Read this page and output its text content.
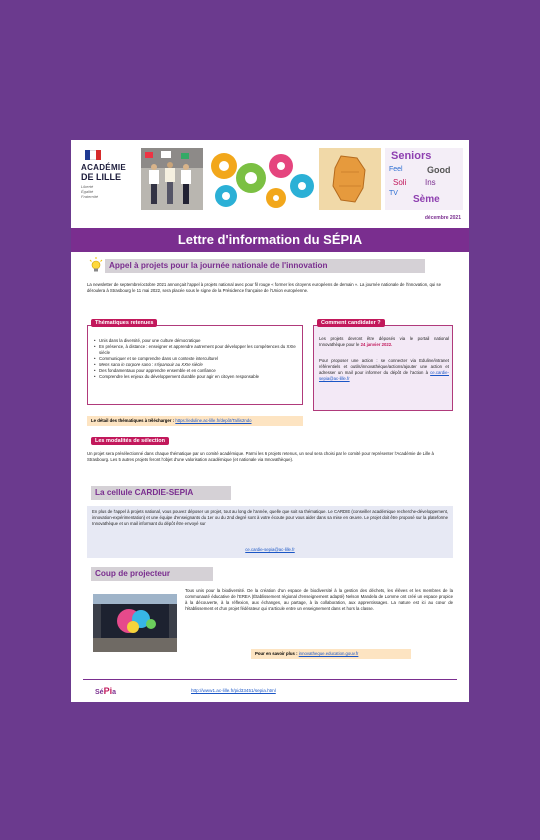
ACADÉMIE
DE LILLE
Liberté
Égalité
Fraternité
Seniors
Feel	Good
Soli Ins
TV
Sème
décembre 2021
Lettre d'information du SÉPIA
Appel à projets pour la journée nationale de l'innovation
La newsletter de septembre/octobre 2021 annonçait l'appel à projets national avec pour fil rouge « former les citoyens européens de demain ». La journée nationale de l'innovation, qui se déroulera à Strasbourg le 11 mai 2022, sera placée sous le signe de la Présidence française de l'Union européenne.
• Unis dans la diversité, pour une culture démocratique
• En présence, à distance : enseigner et apprendre autrement pour développer les compétences du XXIe siècle
• Communiquer et se comprendre dans un contexte interculturel
• Mens sana in corpore sano : s'épanouir au XXIe siècle
• Des fondamentaux pour apprendre ensemble et en confiance
• Comprendre les enjeux du développement durable pour agir en citoyen responsable
Thématiques retenues
Les projets devront être déposés via le portail national Innovathèque pour le 24 janvier 2022.
Pour proposer une action : se connecter via Eduline/intranet référentiels et outils/innovathèque/actions/ajouter une action et adresser un mail pour informer du dépôt de l'action à ce.cardie-sepia@ac-lille.fr
Comment candidater ?
Le détail des thématiques à télécharger : https://eduline.ac-lille.fr/depôt/Tallis2ndo
Les modalités de sélection
Un projet sera présélectionné dans chaque thématique par un comité académique. Parmi les 6 projets retenus, un seul sera choisi par le comité pour représenter l'Académie de Lille à Strasbourg. Les 5 autres projets feront l'objet d'une valorisation académique (et nationale via Innovathèque).
La cellule CARDIE-SEPIA
En plus de l'appel à projets national, vous pouvez déposer un projet, tout au long de l'année, quelle que soit sa thématique. Le CARDIE (conseiller académique recherche-développement, innovation-expérimentation) et une équipe d'enseignants du 1er ou du 2nd degré sont à votre écoute pour vous aider dans sa mise en œuvre. Le projet doit être proposé sur la plateforme Innovathèque et un mail informant du dépôt être envoyé sur
ce.cardie-sepia@ac-lille.fr
Coup de projecteur
Tous unis pour la biodiversité. De la création d'un espace de biodiversité à la gestion des déchets, les élèves et les membres de la communauté éducative de l'EREA (Établissement régional d'enseignement adapté) Nelson Mandela de Lomme ont créé un espace propice à la découverte, à la réflexion, aux échanges, au partage, à la collaboration, aux apprentissages. La nature est ici au cœur de l'établissement et d'un projet fédérateur qui s'articule entre un enseignement dans et hors la classe.
Pour en savoir plus : innovatheque.education.gouv.fr
SéPia	http://www1.ac-lille.fr/pid33451/sepia.html
